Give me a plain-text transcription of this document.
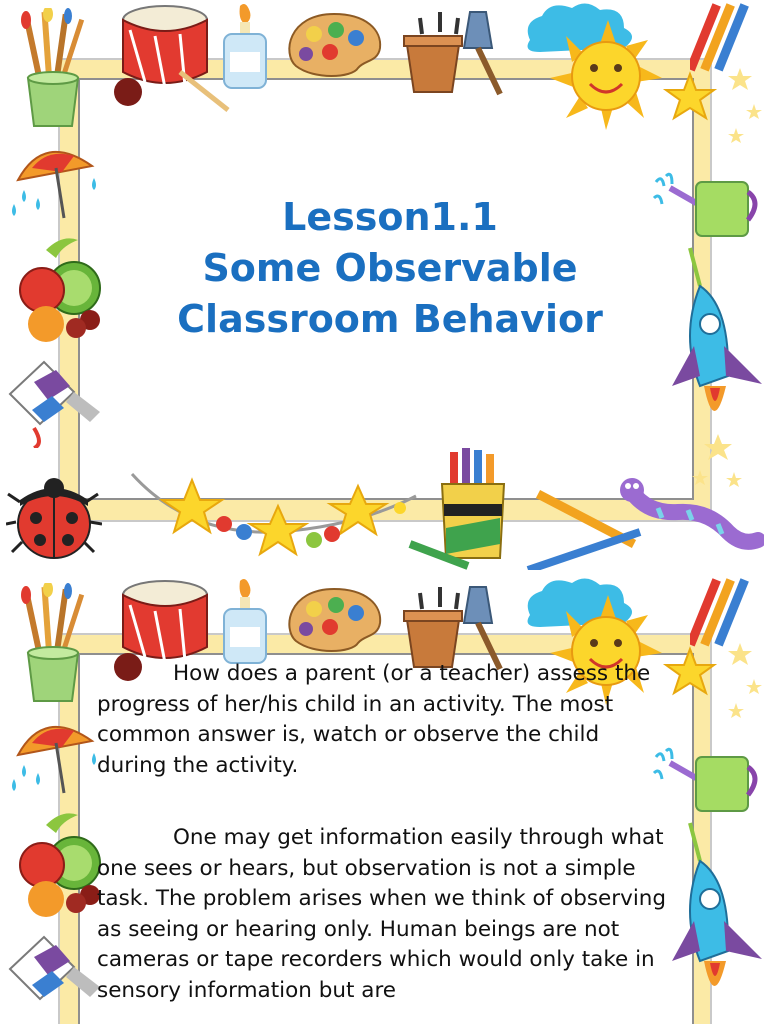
Lesson1.1
Some Observable
Classroom Behavior

How does a parent (or a teacher) assess the progress of her/his child in an activity. The most common answer is, watch or observe the child during the activity.

One may get information easily through what one sees or hears, but observation is not a simple task. The problem arises when we think of observing as seeing or hearing only. Human beings are not cameras or tape recorders which would only take in sensory information but are
